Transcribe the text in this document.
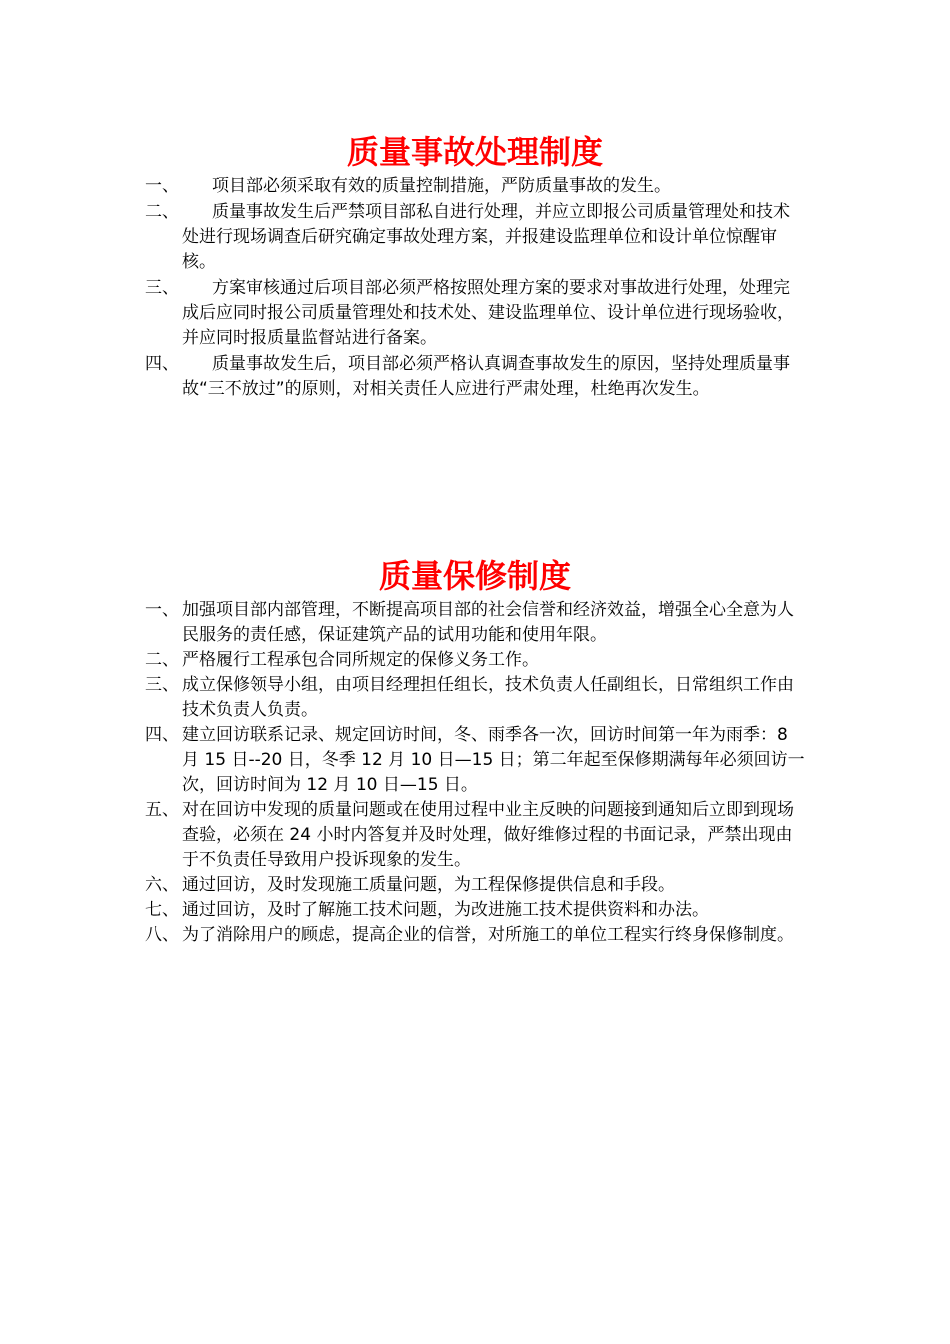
质量事故处理制度
一、	项目部必须采取有效的质量控制措施，严防质量事故的发生。
二、	质量事故发生后严禁项目部私自进行处理，并应立即报公司质量管理处和技术处进行现场调查后研究确定事故处理方案，并报建设监理单位和设计单位惊醒审核。
三、	方案审核通过后项目部必须严格按照处理方案的要求对事故进行处理，处理完成后应同时报公司质量管理处和技术处、建设监理单位、设计单位进行现场验收，并应同时报质量监督站进行备案。
四、	质量事故发生后，项目部必须严格认真调查事故发生的原因，坚持处理质量事故“三不放过”的原则，对相关责任人应进行严肃处理，杜绝再次发生。
质量保修制度
一、 加强项目部内部管理，不断提高项目部的社会信誉和经济效益，增强全心全意为人民服务的责任感，保证建筑产品的试用功能和使用年限。
二、 严格履行工程承包合同所规定的保修义务工作。
三、 成立保修领导小组，由项目经理担任组长，技术负责人任副组长，日常组织工作由技术负责人负责。
四、 建立回访联系记录、规定回访时间，冬、雨季各一次，回访时间第一年为雨季：8 月 15 日--20 日，冬季 12 月 10 日—15 日；第二年起至保修期满每年必须回访一次，回访时间为 12 月 10 日—15 日。
五、 对在回访中发现的质量问题或在使用过程中业主反映的问题接到通知后立即到现场查验，必须在 24 小时内答复并及时处理，做好维修过程的书面记录，严禁出现由于不负责任导致用户投诉现象的发生。
六、 通过回访，及时发现施工质量问题，为工程保修提供信息和手段。
七、 通过回访，及时了解施工技术问题，为改进施工技术提供资料和办法。
八、 为了消除用户的顾虑，提高企业的信誉，对所施工的单位工程实行终身保修制度。
